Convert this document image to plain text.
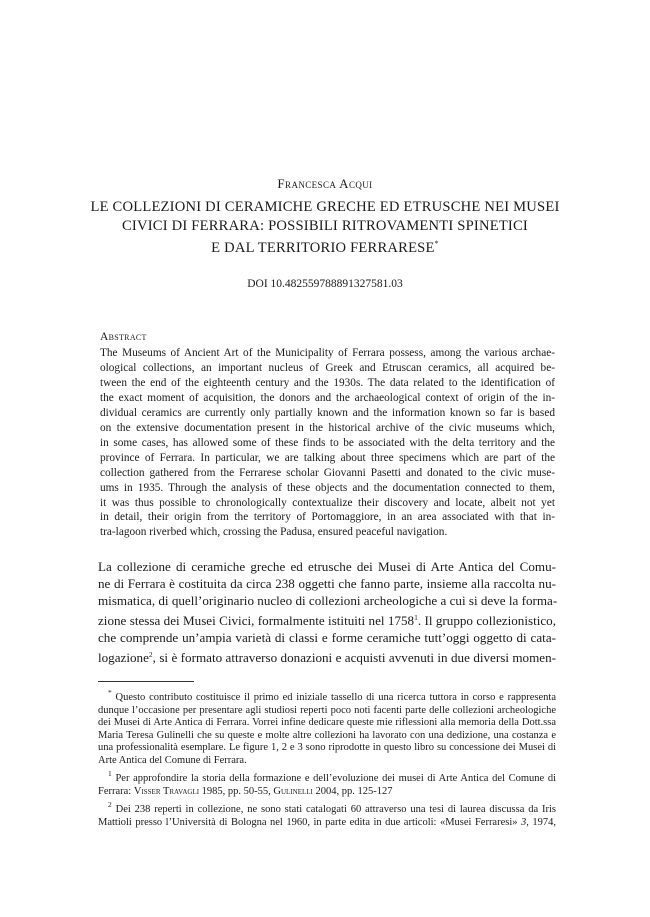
Francesca Acqui
LE COLLEZIONI DI CERAMICHE GRECHE ED ETRUSCHE NEI MUSEI
CIVICI DI FERRARA: POSSIBILI RITROVAMENTI SPINETICI
E DAL TERRITORIO FERRARESE*
DOI 10.482559788891327581.03
Abstract
The Museums of Ancient Art of the Municipality of Ferrara possess, among the various archae-
ological collections, an important nucleus of Greek and Etruscan ceramics, all acquired be-
tween the end of the eighteenth century and the 1930s. The data related to the identification of
the exact moment of acquisition, the donors and the archaeological context of origin of the in-
dividual ceramics are currently only partially known and the information known so far is based
on the extensive documentation present in the historical archive of the civic museums which,
in some cases, has allowed some of these finds to be associated with the delta territory and the
province of Ferrara. In particular, we are talking about three specimens which are part of the
collection gathered from the Ferrarese scholar Giovanni Pasetti and donated to the civic muse-
ums in 1935. Through the analysis of these objects and the documentation connected to them,
it was thus possible to chronologically contextualize their discovery and locate, albeit not yet
in detail, their origin from the territory of Portomaggiore, in an area associated with that in-
tra-lagoon riverbed which, crossing the Padusa, ensured peaceful navigation.
La collezione di ceramiche greche ed etrusche dei Musei di Arte Antica del Comu-
ne di Ferrara è costituita da circa 238 oggetti che fanno parte, insieme alla raccolta nu-
mismatica, di quell’originario nucleo di collezioni archeologiche a cui si deve la forma-
zione stessa dei Musei Civici, formalmente istituiti nel 1758$^1$. Il gruppo collezionistico,
che comprende un’ampia varietà di classi e forme ceramiche tutt’oggi oggetto di cata-
logazione$^2$, si è formato attraverso donazioni e acquisti avvenuti in due diversi momen-
* Questo contributo costituisce il primo ed iniziale tassello di una ricerca tuttora in corso e rappresenta
dunque l’occasione per presentare agli studiosi reperti poco noti facenti parte delle collezioni archeologiche
dei Musei di Arte Antica di Ferrara. Vorrei infine dedicare queste mie riflessioni alla memoria della Dott.ssa
Maria Teresa Gulinelli che su queste e molte altre collezioni ha lavorato con una dedizione, una costanza e
una professionalità esemplare. Le figure 1, 2 e 3 sono riprodotte in questo libro su concessione dei Musei di
Arte Antica del Comune di Ferrara.
$^1$ Per approfondire la storia della formazione e dell’evoluzione dei musei di Arte Antica del Comune di
Ferrara: Visser Travagli 1985, pp. 50-55, Gulinelli 2004, pp. 125-127
$^2$ Dei 238 reperti in collezione, ne sono stati catalogati 60 attraverso una tesi di laurea discussa da Iris
Mattioli presso l’Università di Bologna nel 1960, in parte edita in due articoli: «Musei Ferraresi» 3, 1974,
